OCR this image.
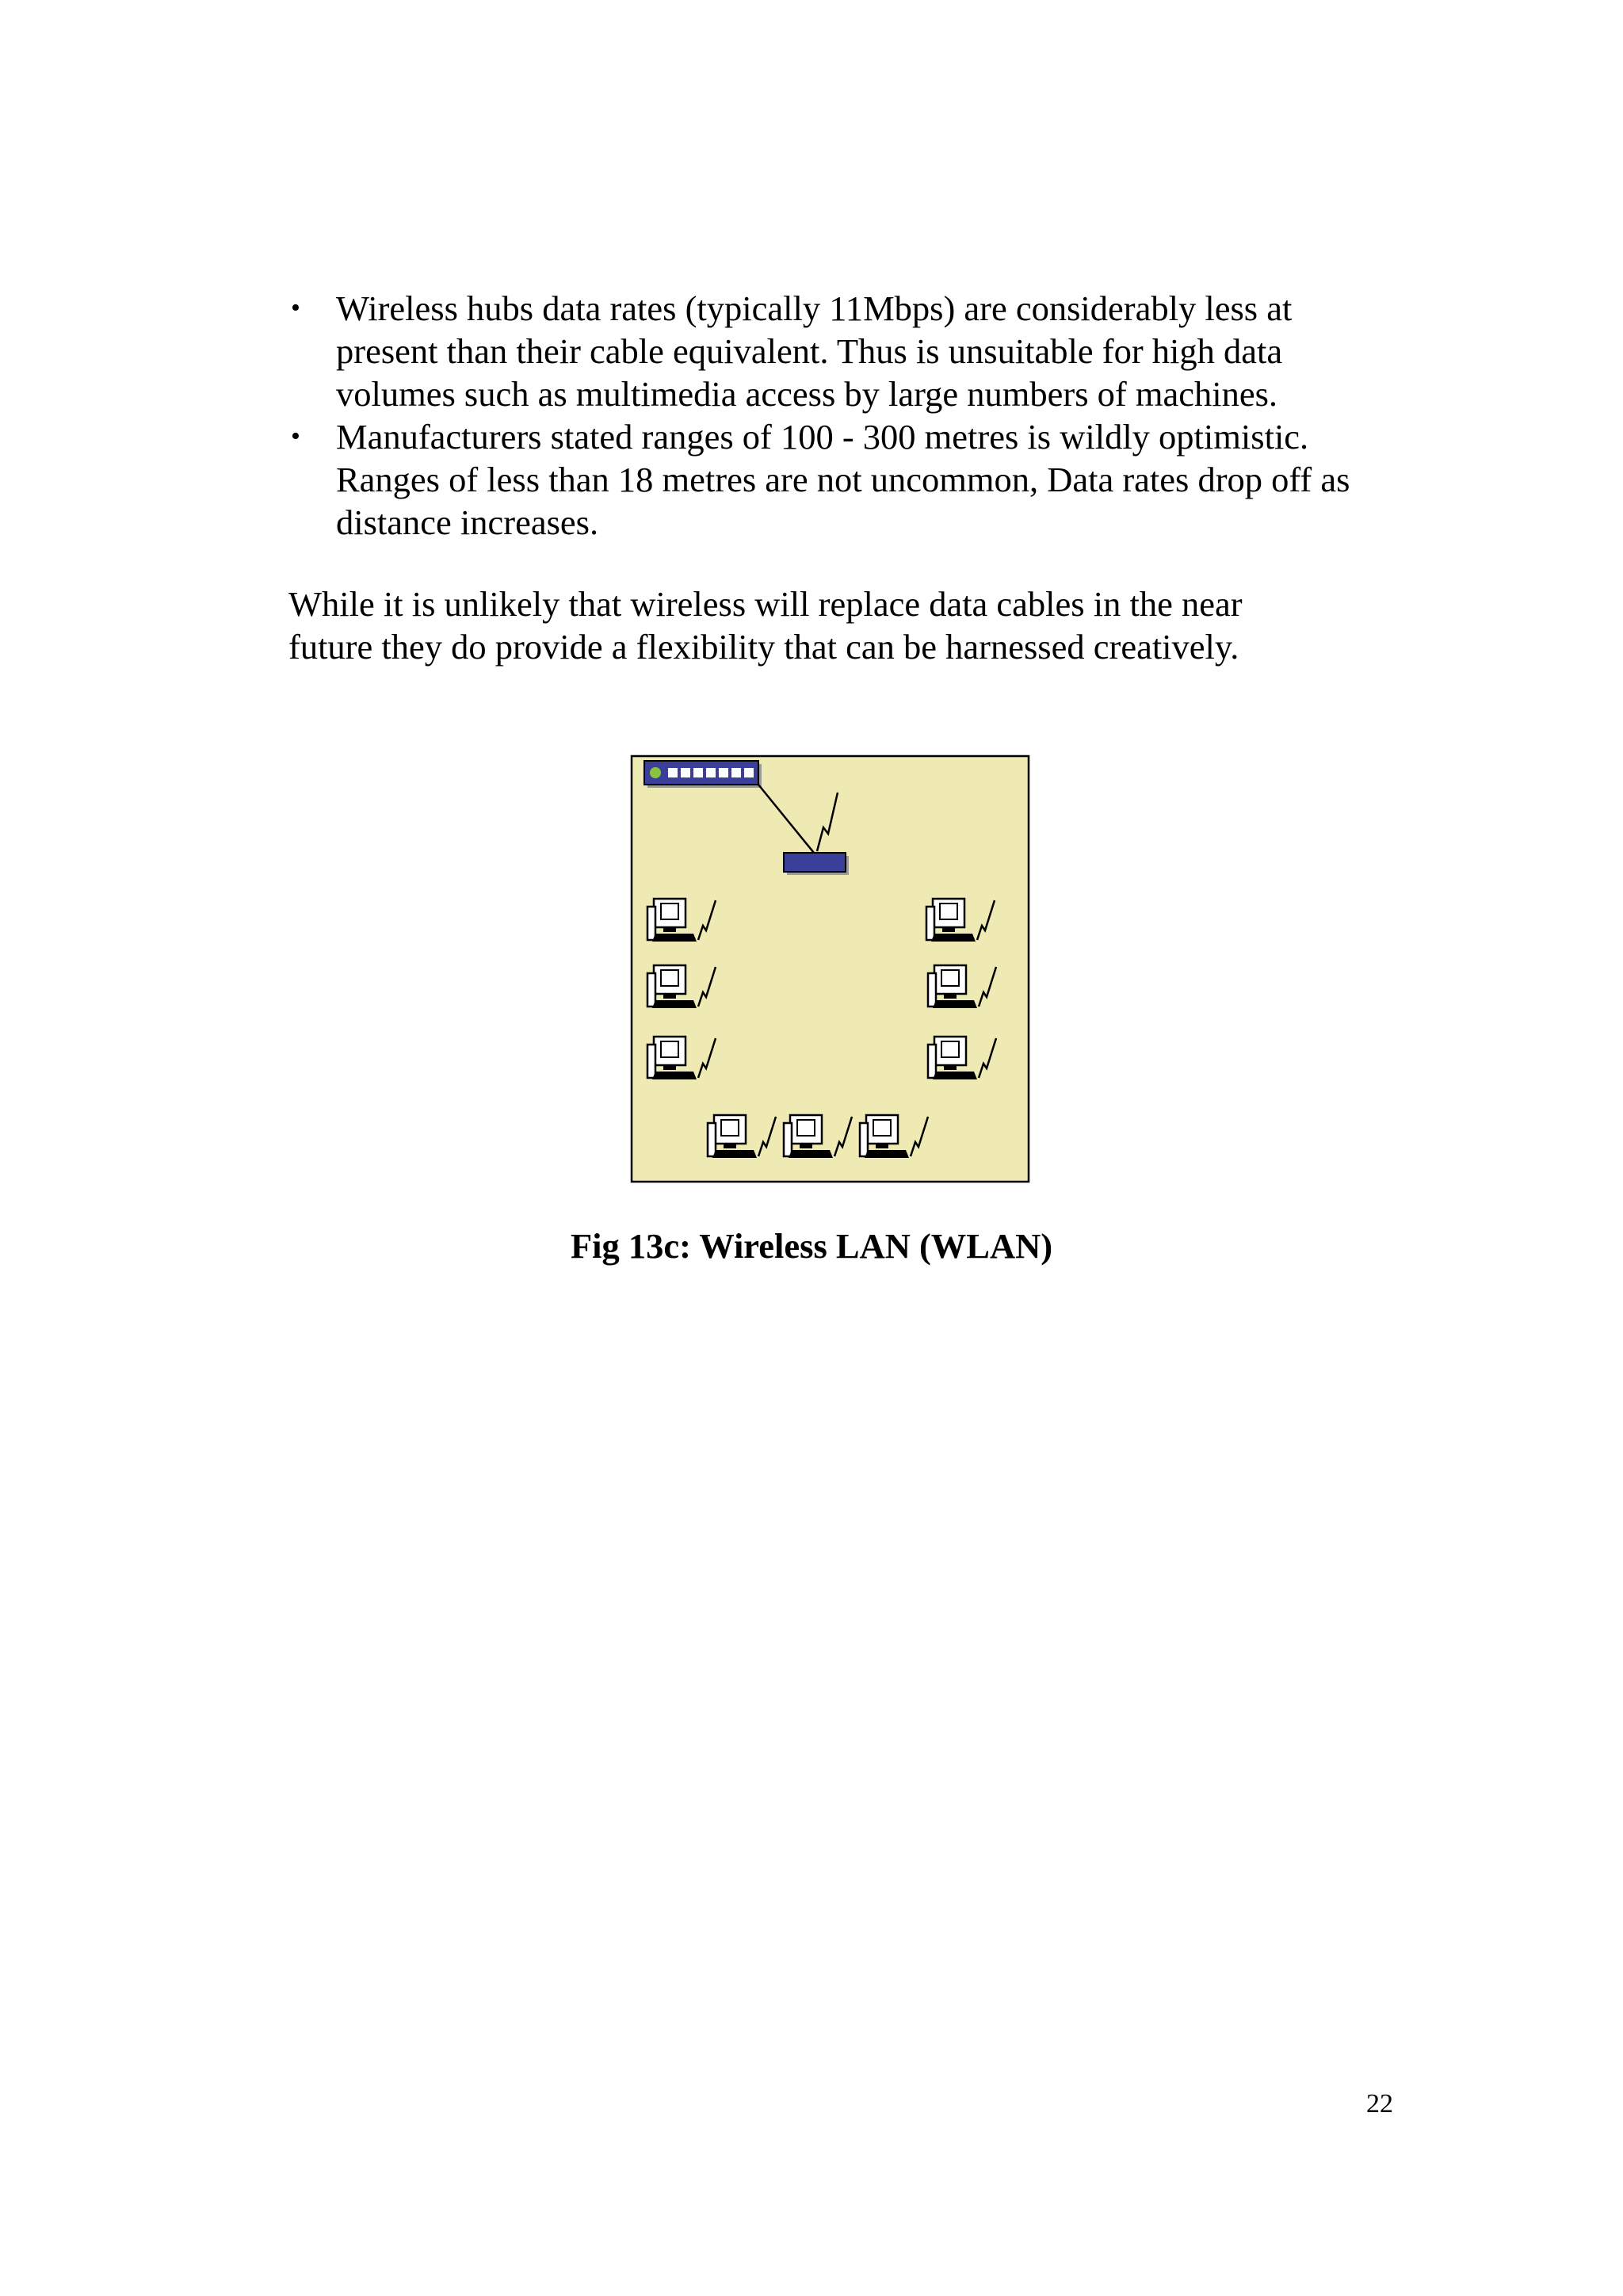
• Wireless hubs data rates (typically 11Mbps) are considerably less at present than their cable equivalent. Thus is unsuitable for high data volumes such as multimedia access by large numbers of machines.
• Manufacturers stated ranges of 100 - 300 metres is wildly optimistic. Ranges of less than 18 metres are not uncommon, Data rates drop off as distance increases.

While it is unlikely that wireless will replace data cables in the near
future they do provide a flexibility that can be harnessed creatively.

Fig 13c: Wireless LAN (WLAN)
22
